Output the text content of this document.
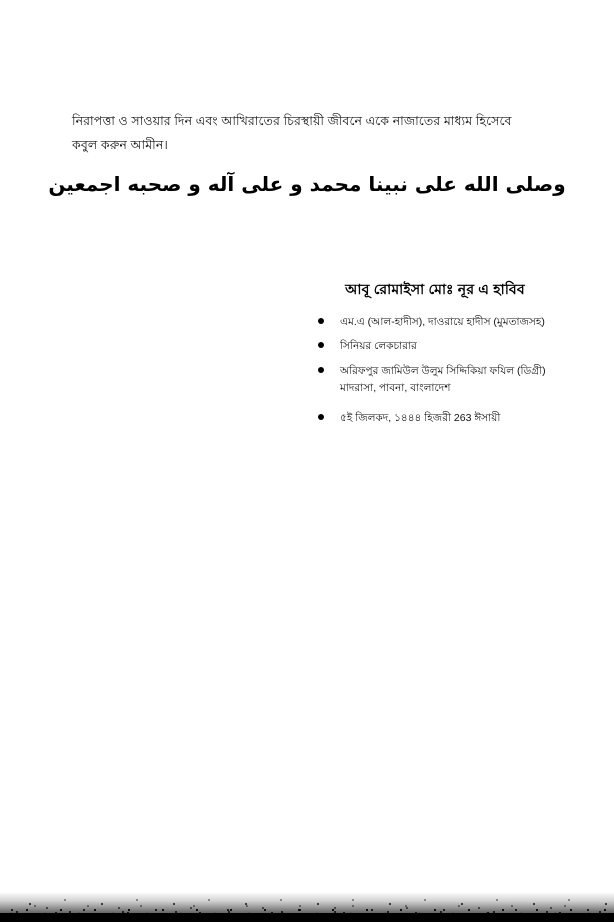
নিরাপত্তা ও সাওয়ার দিন এবং আখিরাতের চিরস্থায়ী জীবনে একে নাজাতের মাধ্যম হিসেবে কবুল করুন আমীন।

وصلى الله على نبينا محمد و على آله و صحبه اجمعين
আবূ রোমাইসা মোঃ নূর এ হাবিব
এম.এ (আল-হাদীস), দাওরায়ে হাদীস (মুমতাজসহ)
সিনিয়র লেকচারার
অরিফপুর জামিউল উলুম সিদ্দিকিয়া ফযিল (ডিগ্রী) মাদরাসা, পাবনা, বাংলাদেশ
৫ই জিলকদ, ১৪৪৪ হিজরী 263 ঈসায়ী
